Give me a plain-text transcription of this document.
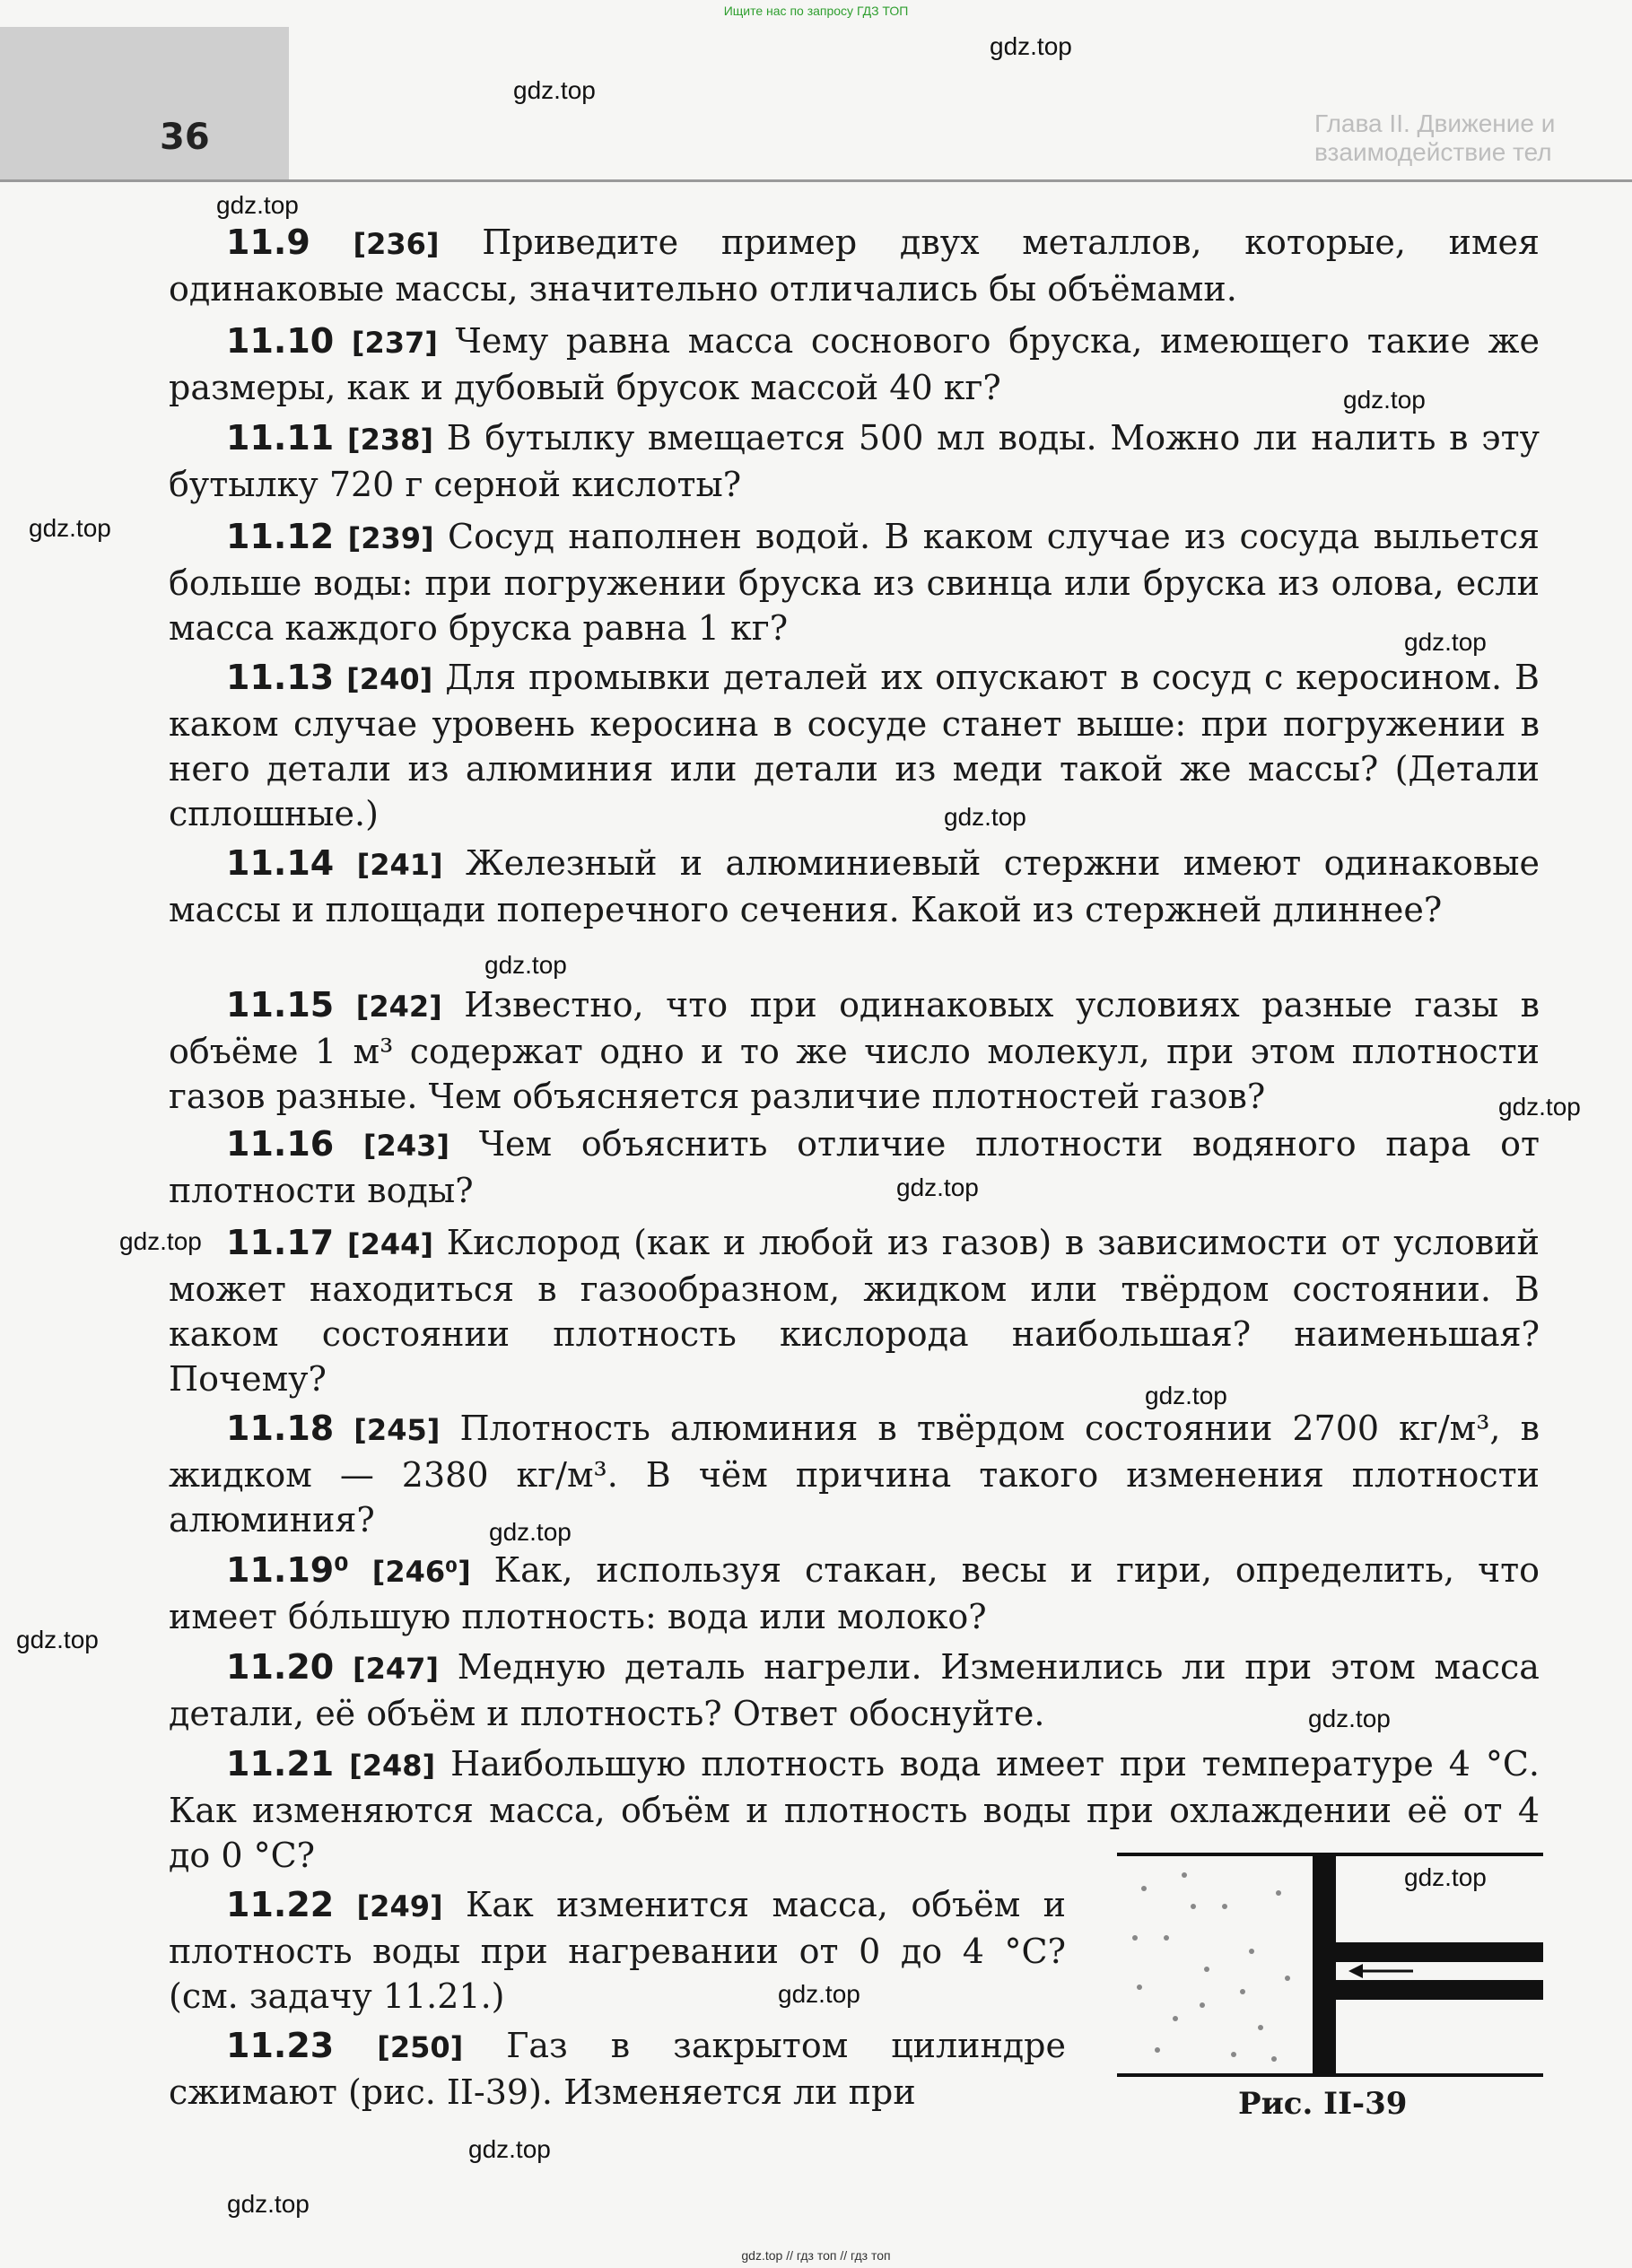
Ищите нас по запросу ГДЗ ТОП
36	Глава II. Движение и взаимодействие тел
gdz.top
gdz.top
gdz.top
gdz.top
gdz.top
gdz.top
gdz.top
gdz.top
gdz.top
gdz.top
gdz.top
gdz.top
gdz.top
gdz.top
gdz.top
gdz.top
gdz.top
gdz.top
gdz.top
11.9 [236] Приведите пример двух металлов, которые, имея одинаковые массы, значительно отличались бы объёмами.
11.10 [237] Чему равна масса соснового бруска, имеющего такие же размеры, как и дубовый брусок массой 40 кг?
11.11 [238] В бутылку вмещается 500 мл воды. Можно ли налить в эту бутылку 720 г серной кислоты?
11.12 [239] Сосуд наполнен водой. В каком случае из сосуда выльется больше воды: при погружении бруска из свинца или бруска из олова, если масса каждого бруска равна 1 кг?
11.13 [240] Для промывки деталей их опускают в сосуд с керосином. В каком случае уровень керосина в сосуде станет выше: при погружении в него детали из алюминия или детали из меди такой же массы? (Детали сплошные.)
11.14 [241] Железный и алюминиевый стержни имеют одинаковые массы и площади поперечного сечения. Какой из стержней длиннее?
11.15 [242] Известно, что при одинаковых условиях разные газы в объёме 1 м³ содержат одно и то же число молекул, при этом плотности газов разные. Чем объясняется различие плотностей газов?
11.16 [243] Чем объяснить отличие плотности водяного пара от плотности воды?
11.17 [244] Кислород (как и любой из газов) в зависимости от условий может находиться в газообразном, жидком или твёрдом состоянии. В каком состоянии плотность кислорода наибольшая? наименьшая? Почему?
11.18 [245] Плотность алюминия в твёрдом состоянии 2700 кг/м³, в жидком — 2380 кг/м³. В чём причина такого изменения плотности алюминия?
11.19⁰ [246⁰] Как, используя стакан, весы и гири, определить, что имеет бóльшую плотность: вода или молоко?
11.20 [247] Медную деталь нагрели. Изменились ли при этом масса детали, её объём и плотность? Ответ обоснуйте.
11.21 [248] Наибольшую плотность вода имеет при температуре 4 °С. Как изменяются масса, объём и плотность воды при охлаждении её от 4 до 0 °С?
11.22 [249] Как изменится масса, объём и плотность воды при нагревании от 0 до 4 °С? (см. задачу 11.21.)
11.23 [250] Газ в закрытом цилиндре сжимают (рис. II-39). Изменяется ли при	Рис. II-39
gdz.top // гдз топ // гдз топ
